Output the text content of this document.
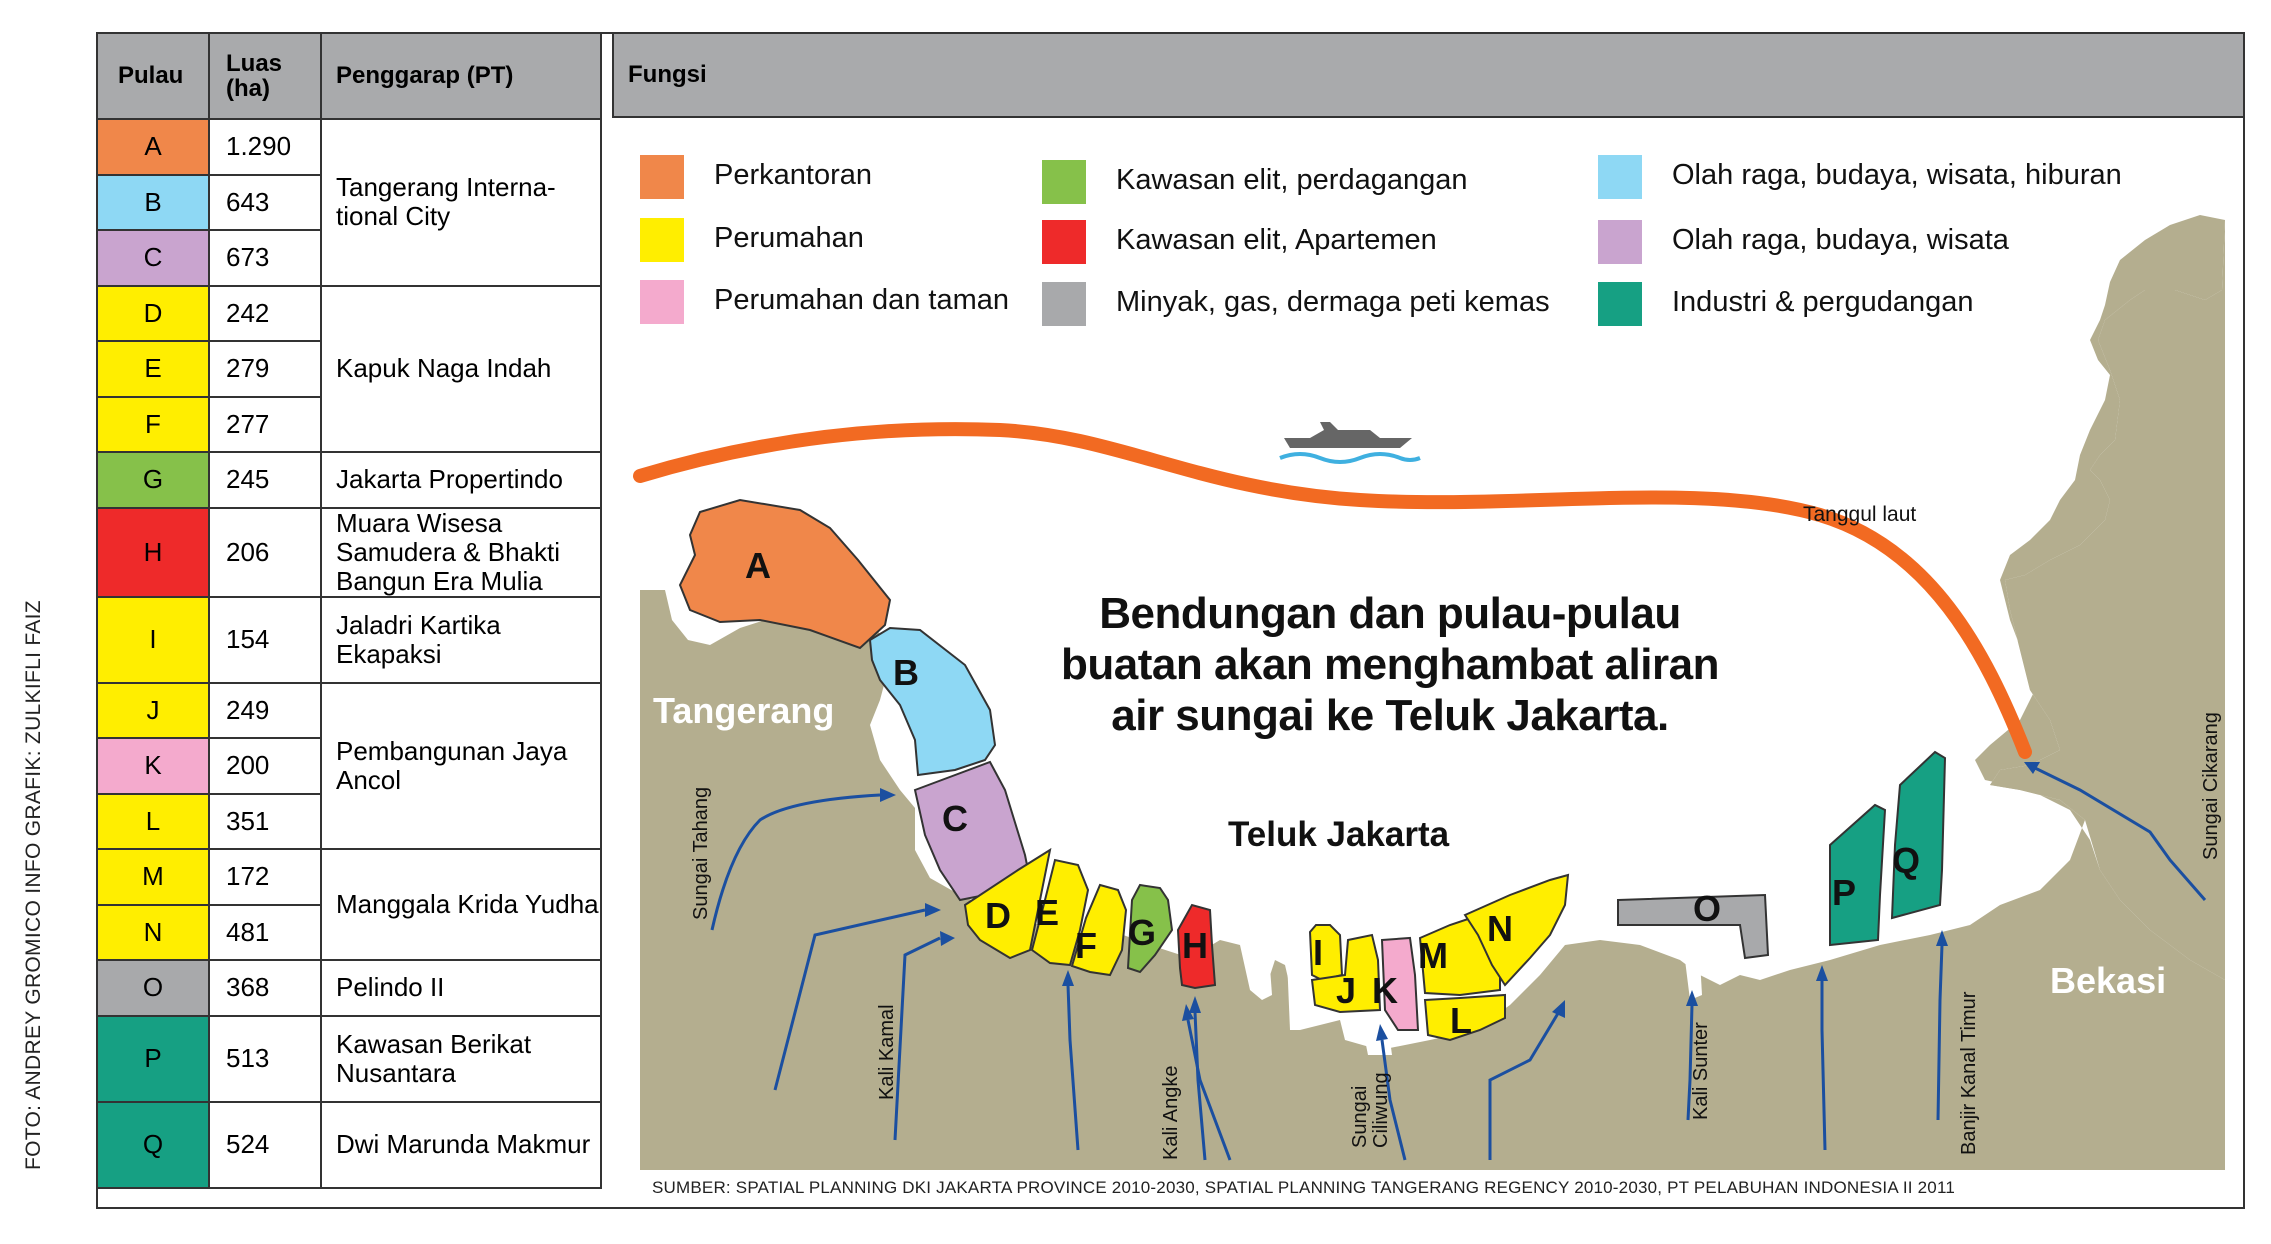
FOTO: ANDREY GROMICO INFO GRAFIK: ZULKIFLI FAIZ
Fungsi
Pulau	Luas (ha)	Penggarap (PT)
A	1.290	Tangerang Interna-tional City
B	643	
C	673	
D	242	Kapuk Naga Indah
E	279	
F	277	
G	245	Jakarta Propertindo
H	206	Muara Wisesa Samudera & Bhakti Bangun Era Mulia
I	154	Jaladri Kartika Ekapaksi
J	249	Pembangunan Jaya Ancol
K	200	
L	351	
M	172	Manggala Krida Yudha
N	481	
O	368	Pelindo II
P	513	Kawasan Berikat Nusantara
Q	524	Dwi Marunda Makmur
Perkantoran
Perumahan
Perumahan dan taman
Kawasan elit, perdagangan
Kawasan elit, Apartemen
Minyak, gas, dermaga peti kemas
Olah raga, budaya, wisata, hiburan
Olah raga, budaya, wisata
Industri & pergudangan
A
B
C
D E
F G H	I
J K
M
L
N	O	P
Q
Bendungan dan pulau-pulau
buatan akan menghambat aliran
air sungai ke Teluk Jakarta.
Teluk Jakarta
Tangerang
Bekasi
Tanggul laut
Sungai Tahang
Kali Kamal
Kali Angke	Sungai Ciliwung	Kali Sunter	Banjir Kanal Timur
Sungai Cikarang
SUMBER: SPATIAL PLANNING DKI JAKARTA PROVINCE 2010-2030, SPATIAL PLANNING TANGERANG REGENCY 2010-2030, PT PELABUHAN INDONESIA II 2011
